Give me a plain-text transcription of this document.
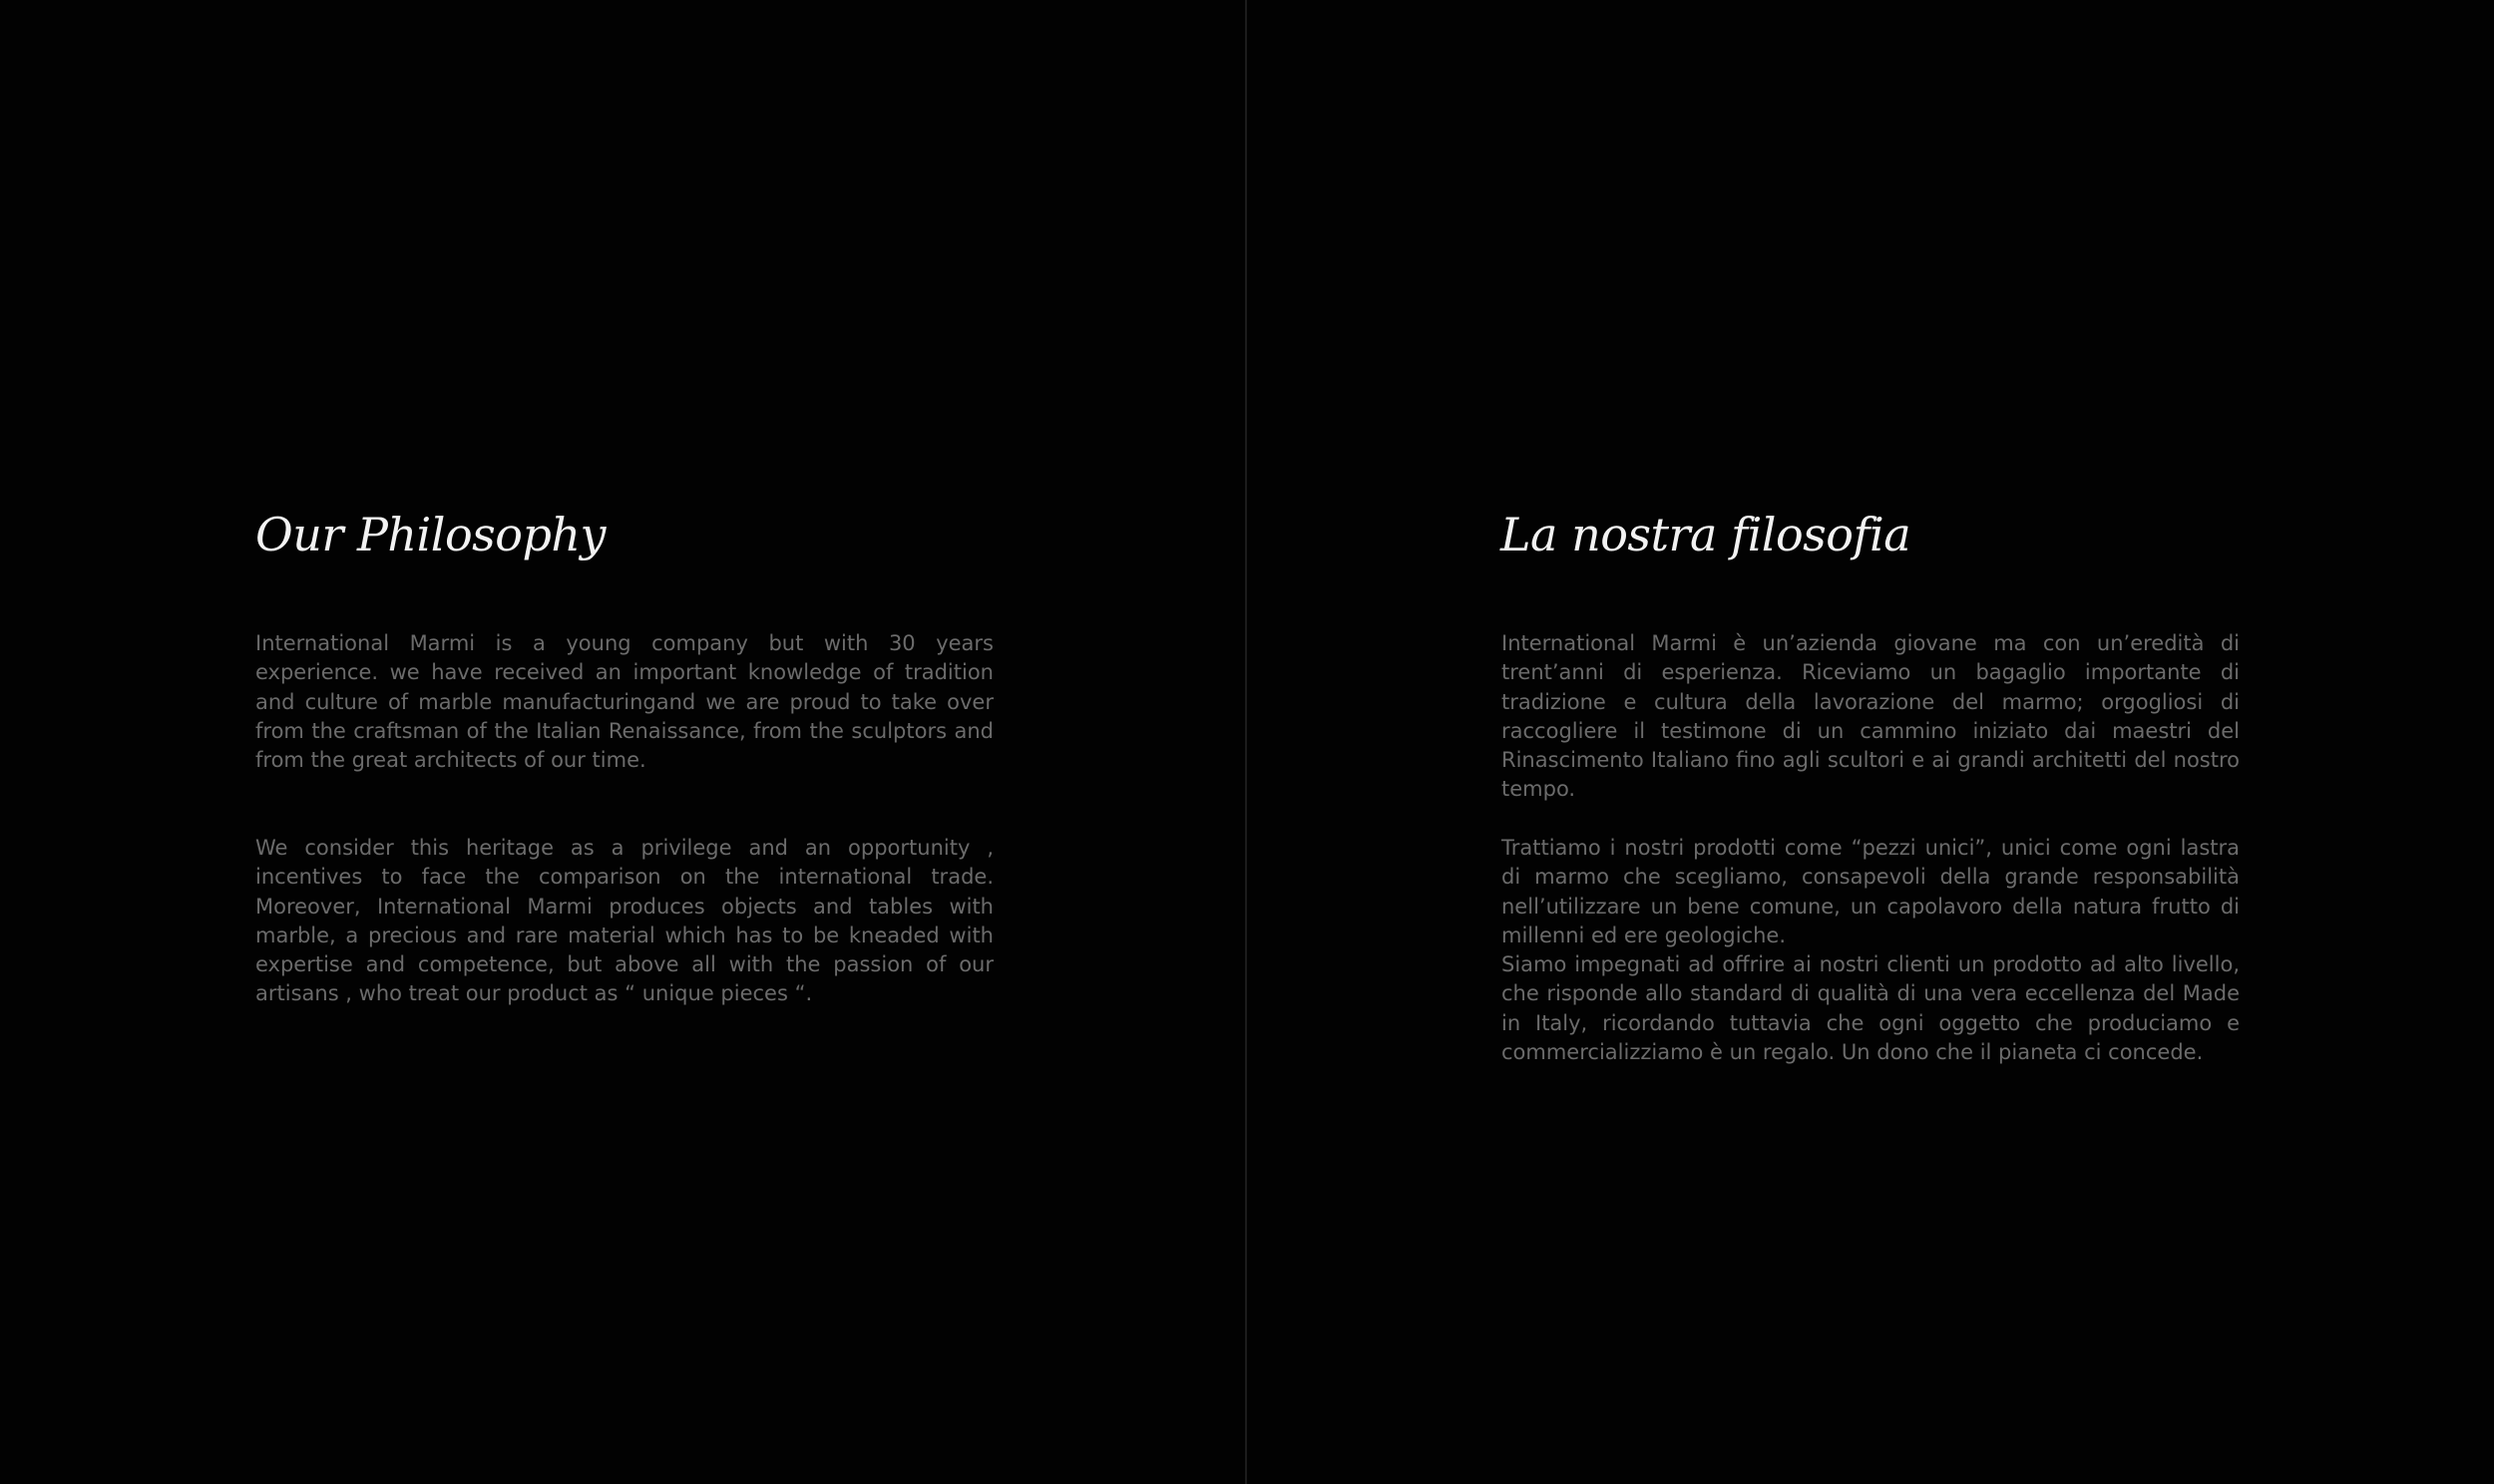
Our Philosophy

International Marmi is a young company but with 30 years experience. we have received an important knowledge of tradition and culture of marble manufacturingand we are proud to take over from the craftsman of the Italian Renaissance, from the sculptors and from the great architects of our time.

We consider this heritage as a privilege and an opportunity , incentives to face the comparison on the international trade. Moreover, International Marmi produces objects and tables with marble, a precious and rare material which has to be kneaded with expertise and competence, but above all with the passion of our artisans , who treat our product as “ unique pieces “.

La nostra filosofia

International Marmi è un’azienda giovane ma con un’eredità di trent’anni di esperienza. Riceviamo un bagaglio importante di tradizione e cultura della lavorazione del marmo; orgogliosi di raccogliere il testimone di un cammino iniziato dai maestri del Rinascimento Italiano fino agli scultori e ai grandi architetti del nostro tempo.

Trattiamo i nostri prodotti come “pezzi unici”, unici come ogni lastra di marmo che scegliamo, consapevoli della grande responsabilità nell’utilizzare un bene comune, un capolavoro della natura frutto di millenni ed ere geologiche.

Siamo impegnati ad offrire ai nostri clienti un prodotto ad alto livello, che risponde allo standard di qualità di una vera eccellenza del Made in Italy, ricordando tuttavia che ogni oggetto che produciamo e commercializziamo è un regalo. Un dono che il pianeta ci concede.
